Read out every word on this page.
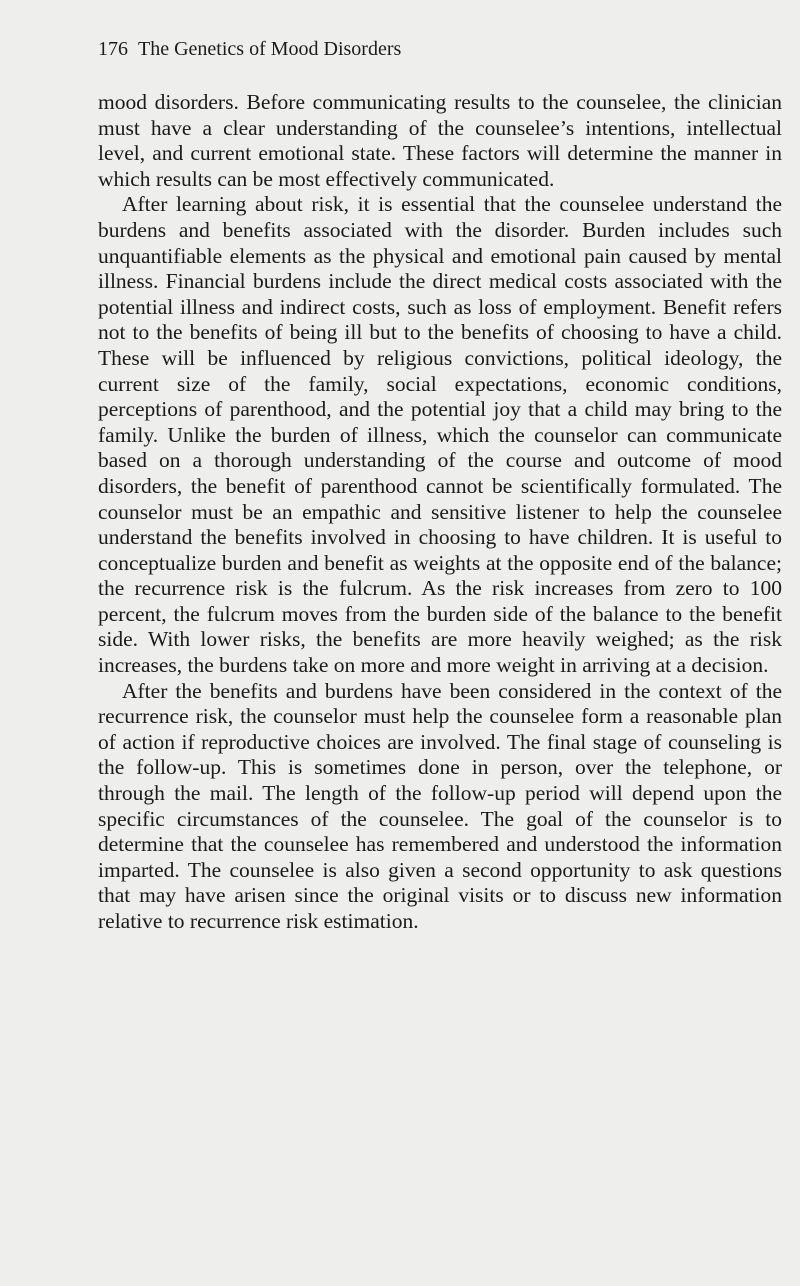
176 The Genetics of Mood Disorders

mood disorders. Before communicating results to the counselee, the clinician must have a clear understanding of the counselee’s intentions, intellectual level, and current emotional state. These factors will determine the manner in which results can be most effectively communicated.

After learning about risk, it is essential that the counselee understand the burdens and benefits associated with the disorder. Burden includes such unquantifiable elements as the physical and emotional pain caused by mental illness. Financial burdens include the direct medical costs associated with the potential illness and indirect costs, such as loss of employment. Benefit refers not to the benefits of being ill but to the benefits of choosing to have a child. These will be influenced by religious convictions, political ideology, the current size of the family, social expectations, economic conditions, perceptions of parenthood, and the potential joy that a child may bring to the family. Unlike the burden of illness, which the counselor can communicate based on a thorough understanding of the course and outcome of mood disorders, the benefit of parenthood cannot be scientifically formulated. The counselor must be an empathic and sensitive listener to help the counselee understand the benefits involved in choosing to have children. It is useful to conceptualize burden and benefit as weights at the opposite end of the balance; the recurrence risk is the fulcrum. As the risk increases from zero to 100 percent, the fulcrum moves from the burden side of the balance to the benefit side. With lower risks, the benefits are more heavily weighed; as the risk increases, the burdens take on more and more weight in arriving at a decision.

After the benefits and burdens have been considered in the context of the recurrence risk, the counselor must help the counselee form a reasonable plan of action if reproductive choices are involved. The final stage of counseling is the follow-up. This is sometimes done in person, over the telephone, or through the mail. The length of the follow-up period will depend upon the specific circumstances of the counselee. The goal of the counselor is to determine that the counselee has remembered and understood the information imparted. The counselee is also given a second opportunity to ask questions that may have arisen since the original visits or to discuss new information relative to recurrence risk estimation.
